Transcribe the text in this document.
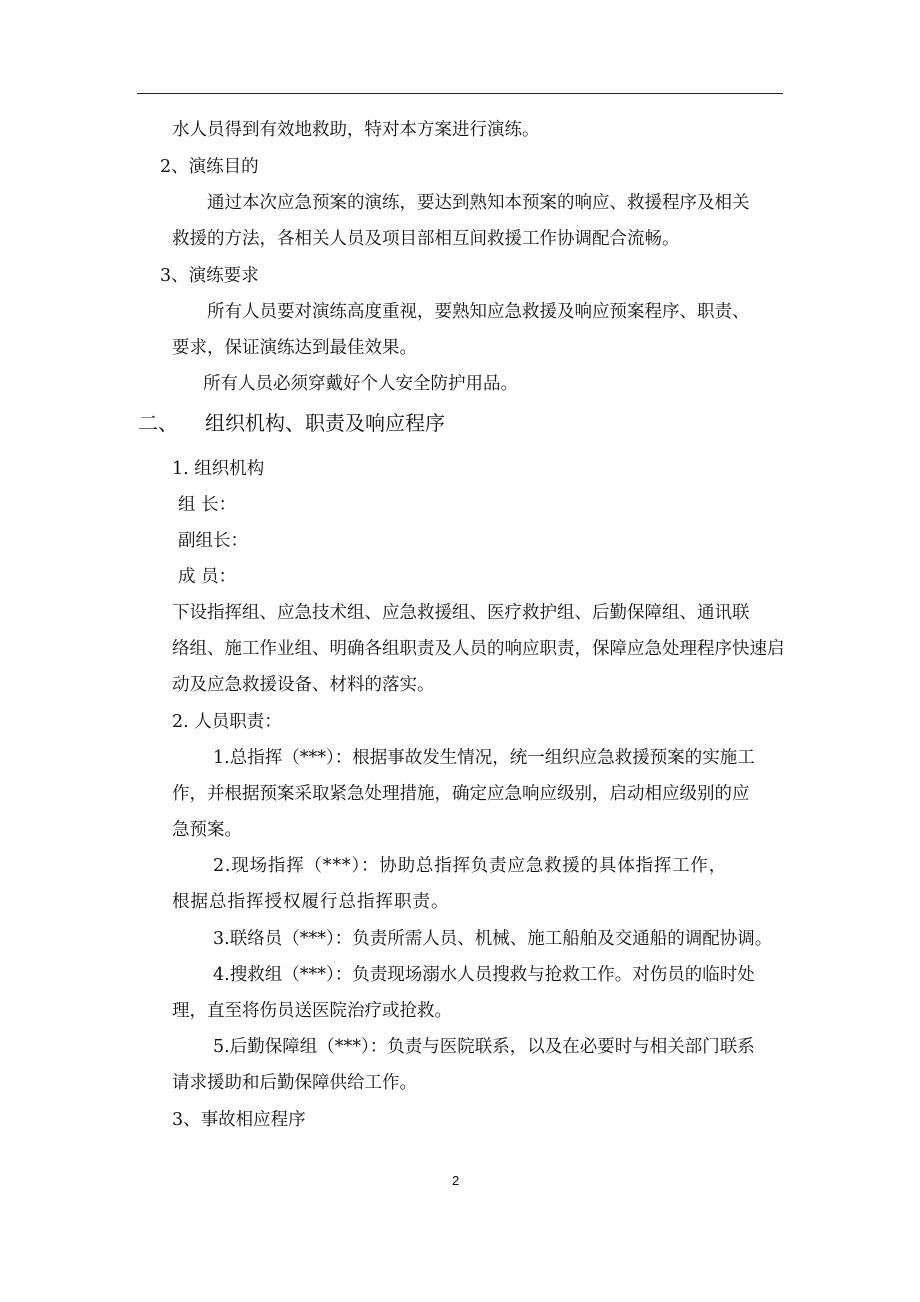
水人员得到有效地救助，特对本方案进行演练。
2、演练目的
通过本次应急预案的演练，要达到熟知本预案的响应、救援程序及相关
救援的方法，各相关人员及项目部相互间救援工作协调配合流畅。
3、演练要求
所有人员要对演练高度重视，要熟知应急救援及响应预案程序、职责、
要求，保证演练达到最佳效果。
所有人员必须穿戴好个人安全防护用品。
二、 组织机构、职责及响应程序
1. 组织机构
组 长：
副组长：
成 员：
下设指挥组、应急技术组、应急救援组、医疗救护组、后勤保障组、通讯联
络组、施工作业组、明确各组职责及人员的响应职责，保障应急处理程序快速启
动及应急救援设备、材料的落实。
2. 人员职责：
1.总指挥（***）：根据事故发生情况，统一组织应急救援预案的实施工
作，并根据预案采取紧急处理措施，确定应急响应级别，启动相应级别的应
急预案。
2.现场指挥（***）：协助总指挥负责应急救援的具体指挥工作，
根据总指挥授权履行总指挥职责。
3.联络员（***）：负责所需人员、机械、施工船舶及交通船的调配协调。
4.搜救组（***）：负责现场溺水人员搜救与抢救工作。对伤员的临时处
理，直至将伤员送医院治疗或抢救。
5.后勤保障组（***）：负责与医院联系，以及在必要时与相关部门联系
请求援助和后勤保障供给工作。
3、事故相应程序
2
